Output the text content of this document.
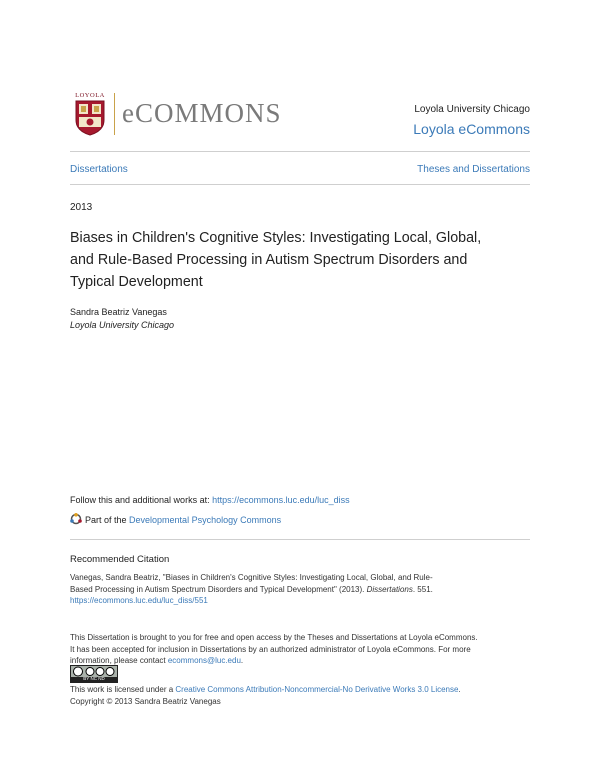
LOYOLA
eCOMMONS	Loyola University Chicago
Loyola eCommons
Dissertations	Theses and Dissertations
2013
Biases in Children's Cognitive Styles: Investigating Local, Global,
and Rule-Based Processing in Autism Spectrum Disorders and
Typical Development
Sandra Beatriz Vanegas
Loyola University Chicago
Follow this and additional works at: https://ecommons.luc.edu/luc_diss
Part of the Developmental Psychology Commons
Recommended Citation
Vanegas, Sandra Beatriz, "Biases in Children's Cognitive Styles: Investigating Local, Global, and Rule-
Based Processing in Autism Spectrum Disorders and Typical Development" (2013). Dissertations. 551.
https://ecommons.luc.edu/luc_diss/551
This Dissertation is brought to you for free and open access by the Theses and Dissertations at Loyola eCommons.
It has been accepted for inclusion in Dissertations by an authorized administrator of Loyola eCommons. For more
information, please contact ecommons@luc.edu.
BY NC ND
This work is licensed under a Creative Commons Attribution-Noncommercial-No Derivative Works 3.0 License.
Copyright © 2013 Sandra Beatriz Vanegas
